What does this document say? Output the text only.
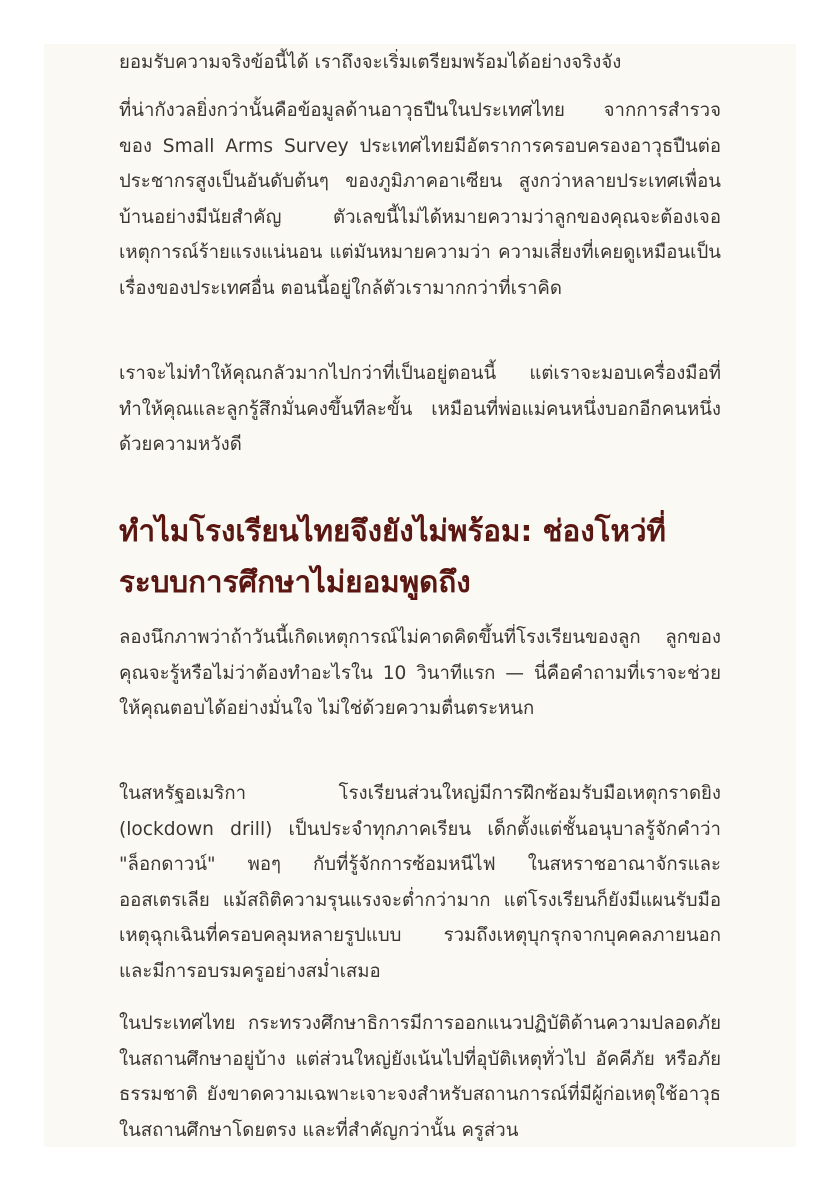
ยอมรับความจริงข้อนี้ได้ เราถึงจะเริ่มเตรียมพร้อมได้อย่างจริงจัง

ที่น่ากังวลยิ่งกว่านั้นคือข้อมูลด้านอาวุธปืนในประเทศไทย จากการสำรวจของ Small Arms Survey ประเทศไทยมีอัตราการครอบครองอาวุธปืนต่อประชากรสูงเป็นอันดับต้นๆ ของภูมิภาคอาเซียน สูงกว่าหลายประเทศเพื่อนบ้านอย่างมีนัยสำคัญ ตัวเลขนี้ไม่ได้หมายความว่าลูกของคุณจะต้องเจอเหตุการณ์ร้ายแรงแน่นอน แต่มันหมายความว่า ความเสี่ยงที่เคยดูเหมือนเป็นเรื่องของประเทศอื่น ตอนนี้อยู่ใกล้ตัวเรามากกว่าที่เราคิด

เราจะไม่ทำให้คุณกลัวมากไปกว่าที่เป็นอยู่ตอนนี้ แต่เราจะมอบเครื่องมือที่ทำให้คุณและลูกรู้สึกมั่นคงขึ้นทีละขั้น เหมือนที่พ่อแม่คนหนึ่งบอกอีกคนหนึ่งด้วยความหวังดี

ทำไมโรงเรียนไทยจึงยังไม่พร้อม: ช่องโหว่ที่ระบบการศึกษาไม่ยอมพูดถึง

ลองนึกภาพว่าถ้าวันนี้เกิดเหตุการณ์ไม่คาดคิดขึ้นที่โรงเรียนของลูก ลูกของคุณจะรู้หรือไม่ว่าต้องทำอะไรใน 10 วินาทีแรก — นี่คือคำถามที่เราจะช่วยให้คุณตอบได้อย่างมั่นใจ ไม่ใช่ด้วยความตื่นตระหนก

ในสหรัฐอเมริกา โรงเรียนส่วนใหญ่มีการฝึกซ้อมรับมือเหตุกราดยิง (lockdown drill) เป็นประจำทุกภาคเรียน เด็กตั้งแต่ชั้นอนุบาลรู้จักคำว่า "ล็อกดาวน์" พอๆ กับที่รู้จักการซ้อมหนีไฟ ในสหราชอาณาจักรและออสเตรเลีย แม้สถิติความรุนแรงจะต่ำกว่ามาก แต่โรงเรียนก็ยังมีแผนรับมือเหตุฉุกเฉินที่ครอบคลุมหลายรูปแบบ รวมถึงเหตุบุกรุกจากบุคคลภายนอก และมีการอบรมครูอย่างสม่ำเสมอ

ในประเทศไทย กระทรวงศึกษาธิการมีการออกแนวปฏิบัติด้านความปลอดภัยในสถานศึกษาอยู่บ้าง แต่ส่วนใหญ่ยังเน้นไปที่อุบัติเหตุทั่วไป อัคคีภัย หรือภัยธรรมชาติ ยังขาดความเฉพาะเจาะจงสำหรับสถานการณ์ที่มีผู้ก่อเหตุใช้อาวุธในสถานศึกษาโดยตรง และที่สำคัญกว่านั้น ครูส่วน
